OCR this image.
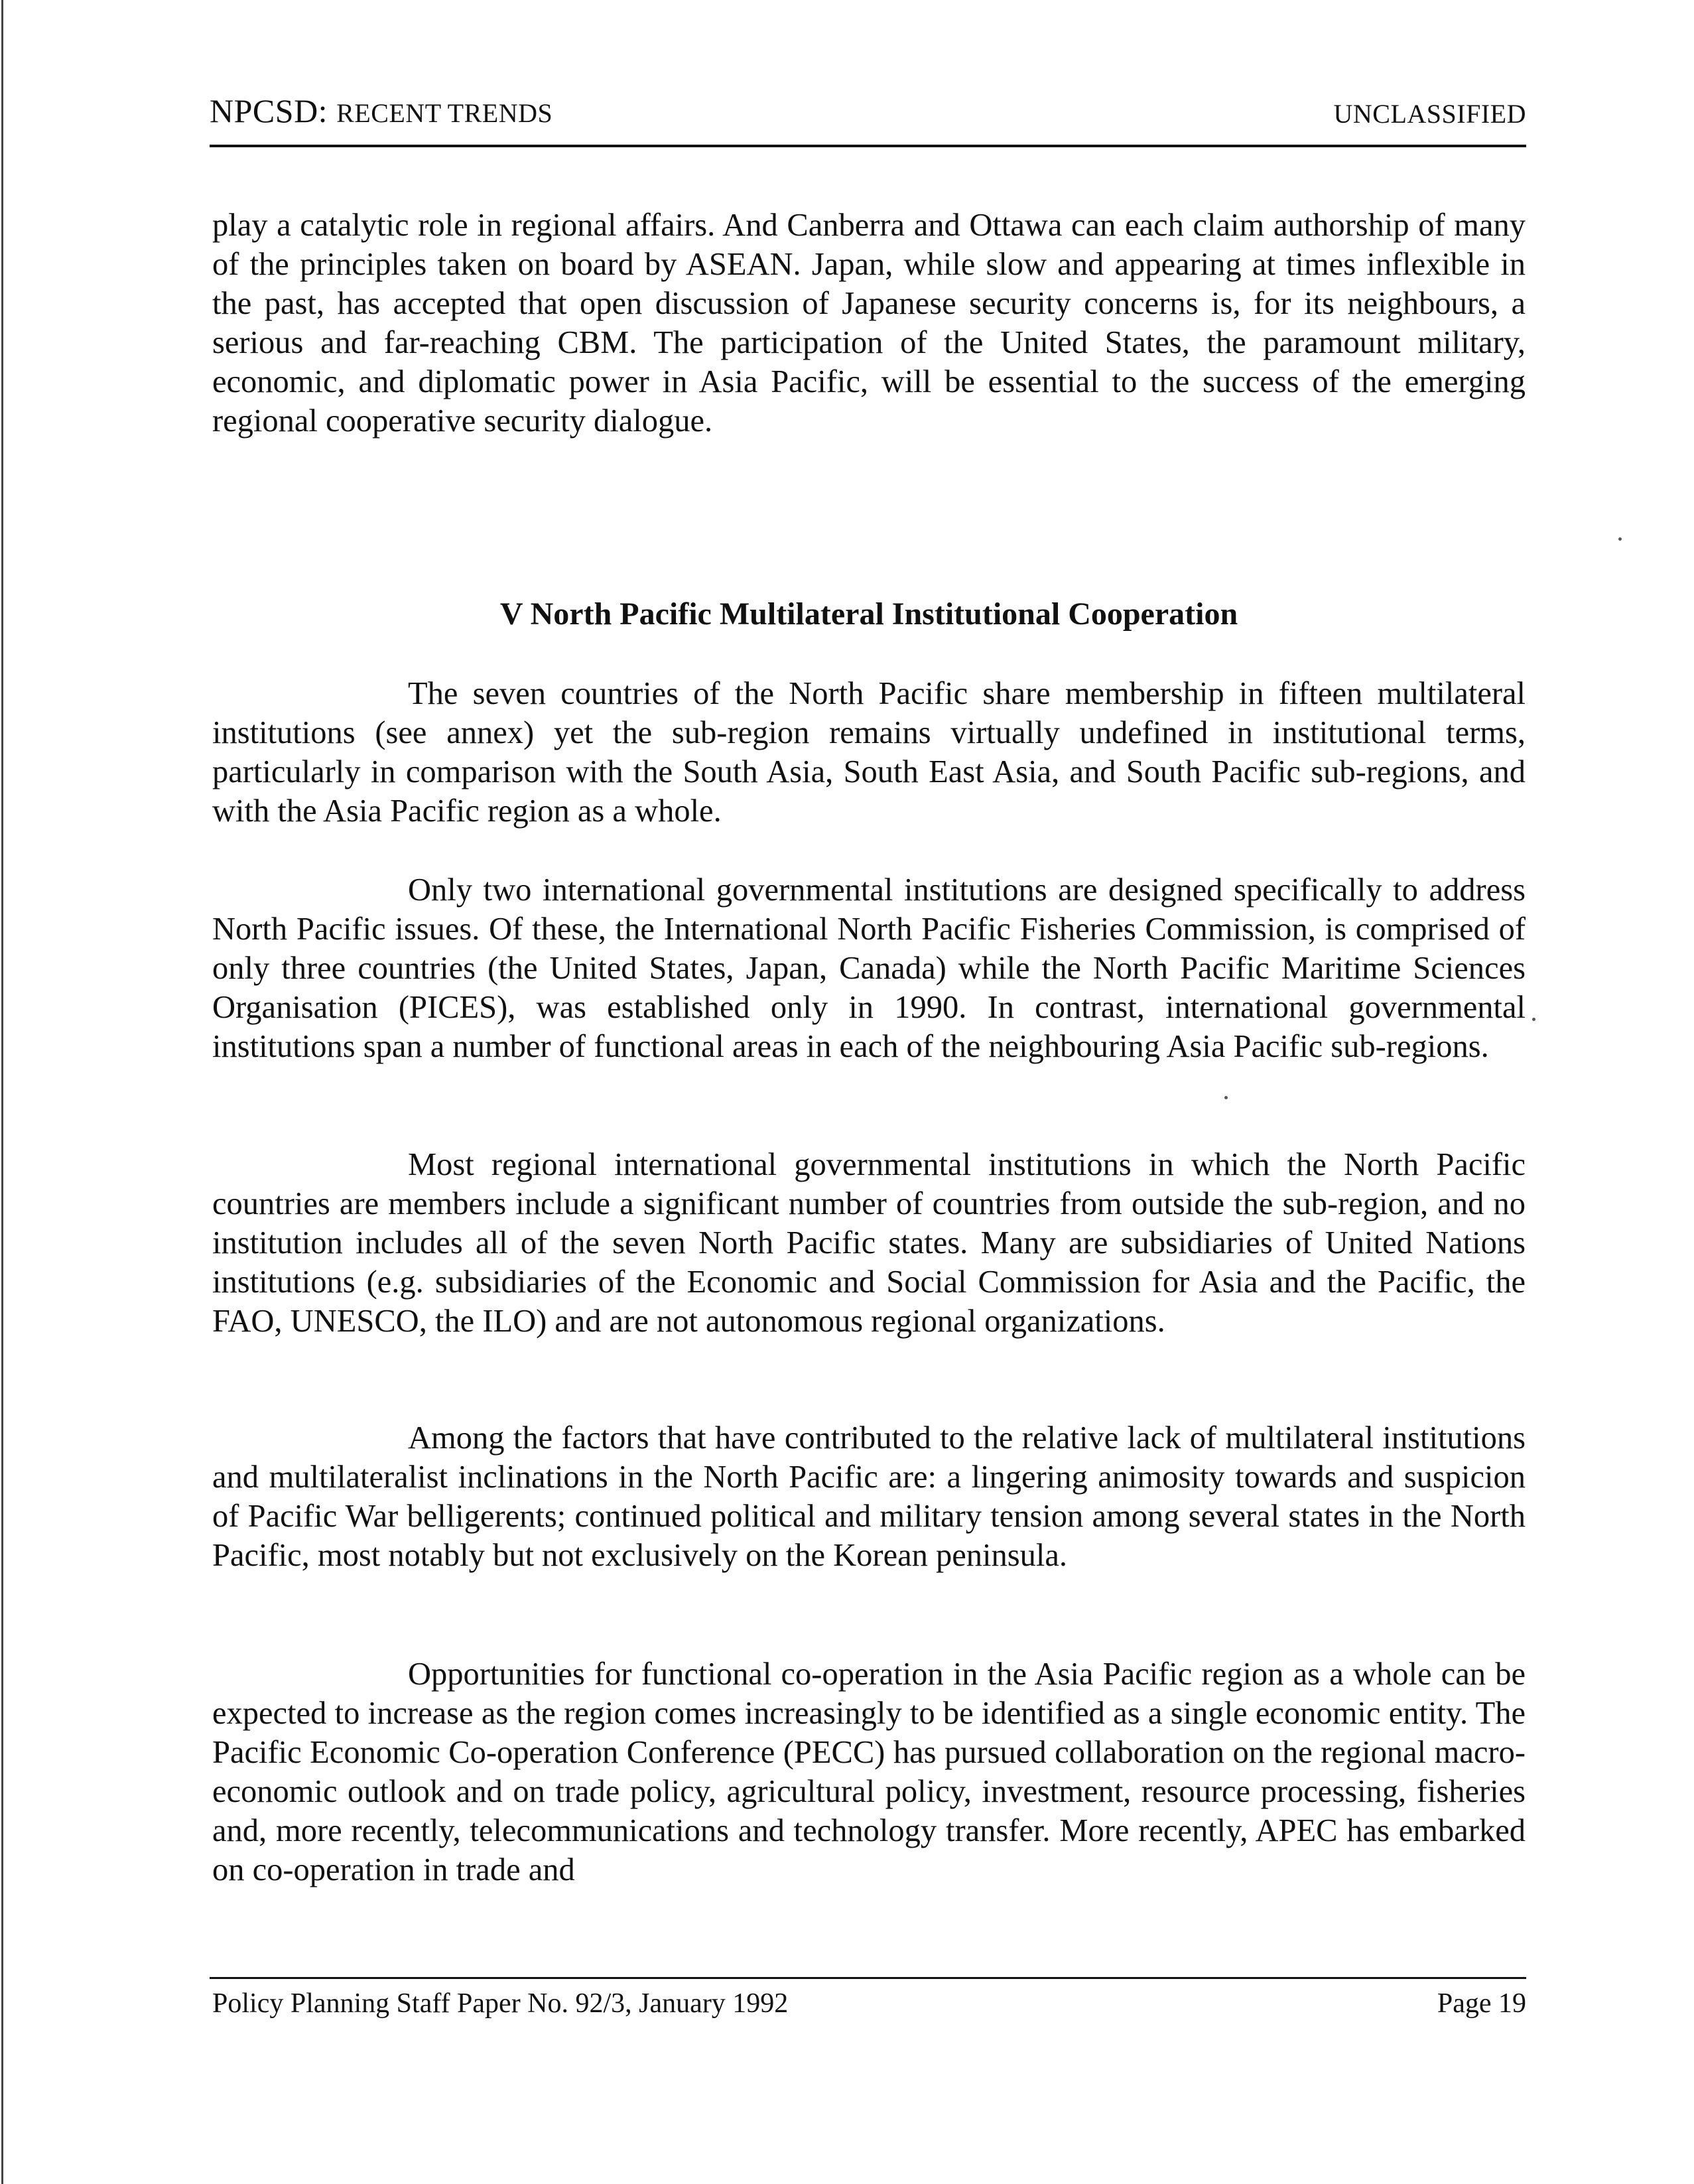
NPCSD: RECENT TRENDS	UNCLASSIFIED

play a catalytic role in regional affairs. And Canberra and Ottawa can each claim authorship of many of the principles taken on board by ASEAN. Japan, while slow and appearing at times inflexible in the past, has accepted that open discussion of Japanese security concerns is, for its neighbours, a serious and far-reaching CBM. The participation of the United States, the paramount military, economic, and diplomatic power in Asia Pacific, will be essential to the success of the emerging regional cooperative security dialogue.

V North Pacific Multilateral Institutional Cooperation

The seven countries of the North Pacific share membership in fifteen multilateral institutions (see annex) yet the sub-region remains virtually undefined in institutional terms, particularly in comparison with the South Asia, South East Asia, and South Pacific sub-regions, and with the Asia Pacific region as a whole.

Only two international governmental institutions are designed specifically to address North Pacific issues. Of these, the International North Pacific Fisheries Commission, is comprised of only three countries (the United States, Japan, Canada) while the North Pacific Maritime Sciences Organisation (PICES), was established only in 1990. In contrast, international governmental institutions span a number of functional areas in each of the neighbouring Asia Pacific sub-regions.

Most regional international governmental institutions in which the North Pacific countries are members include a significant number of countries from outside the sub-region, and no institution includes all of the seven North Pacific states. Many are subsidiaries of United Nations institutions (e.g. subsidiaries of the Economic and Social Commission for Asia and the Pacific, the FAO, UNESCO, the ILO) and are not autonomous regional organizations.

Among the factors that have contributed to the relative lack of multilateral institutions and multilateralist inclinations in the North Pacific are: a lingering animosity towards and suspicion of Pacific War belligerents; continued political and military tension among several states in the North Pacific, most notably but not exclusively on the Korean peninsula.

Opportunities for functional co-operation in the Asia Pacific region as a whole can be expected to increase as the region comes increasingly to be identified as a single economic entity. The Pacific Economic Co-operation Conference (PECC) has pursued collaboration on the regional macro-economic outlook and on trade policy, agricultural policy, investment, resource processing, fisheries and, more recently, telecommunications and technology transfer. More recently, APEC has embarked on co-operation in trade and

Policy Planning Staff Paper No. 92/3, January 1992	Page 19
